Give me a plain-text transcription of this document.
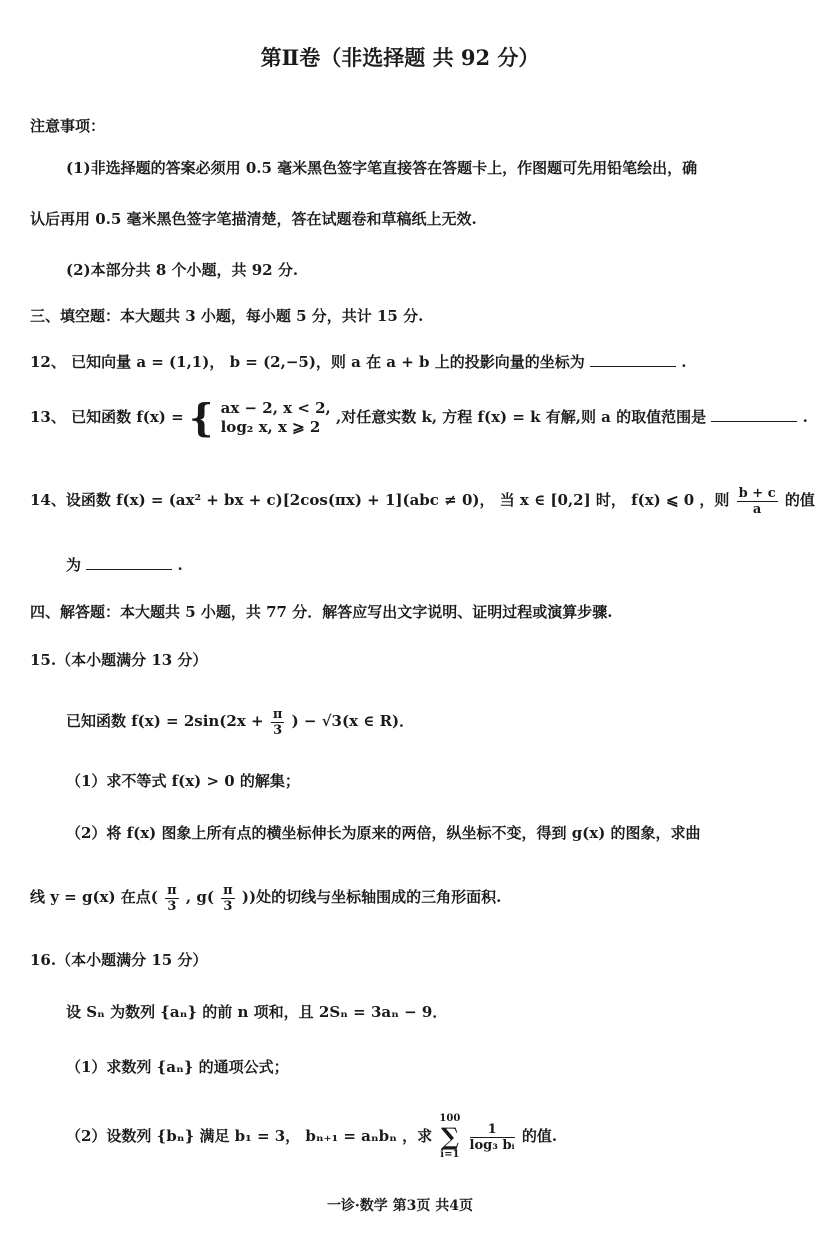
第Ⅱ卷（非选择题 共 92 分）
注意事项：
(1)非选择题的答案必须用 0.5 毫米黑色签字笔直接答在答题卡上，作图题可先用铅笔绘出，确
认后再用 0.5 毫米黑色签字笔描清楚，答在试题卷和草稿纸上无效.
(2)本部分共 8 个小题，共 92 分.
三、填空题：本大题共 3 小题，每小题 5 分，共计 15 分.
12、 已知向量 a = (1,1)， b = (2,−5)，则 a 在 a + b 上的投影向量的坐标为	.
13、 已知函数 f(x) = { ax − 2, x < 2,
log₂ x, x ⩾ 2
,对任意实数 k, 方程 f(x) = k 有解,则 a 的取值范围是	.
14、设函数 f(x) = (ax² + bx + c)[2cos(πx) + 1](abc ≠ 0)， 当 x ∈ [0,2] 时， f(x) ⩽ 0 ，则 $\frac{b + c}{a}$ 的值
为	.
四、解答题：本大题共 5 小题，共 77 分．解答应写出文字说明、证明过程或演算步骤.
15.（本小题满分 13 分）
已知函数 $f(x) = 2\sin(2x + \frac{\pi}{3}$ ) − √3(x ∈ R)．
（1）求不等式 f(x) > 0 的解集；
（2）将 f(x) 图象上所有点的横坐标伸长为原来的两倍，纵坐标不变，得到 g(x) 的图象，求曲
线 y = g(x) 在点( $\frac{\pi}{3}$ , $g( \frac{\pi}{3}$ ))处的切线与坐标轴围成的三角形面积.
16.（本小题满分 15 分）
设 Sₙ 为数列 {aₙ} 的前 n 项和，且 2Sₙ = 3aₙ − 9．
（1）求数列 {aₙ} 的通项公式；
（2）设数列 {bₙ} 满足 b₁ = 3， bₙ₊₁ = aₙbₙ ，求
100
∑
i=1

$\frac{1}{\text{log₃ bᵢ}}$ 的值.
一诊·数学 第3页 共4页
